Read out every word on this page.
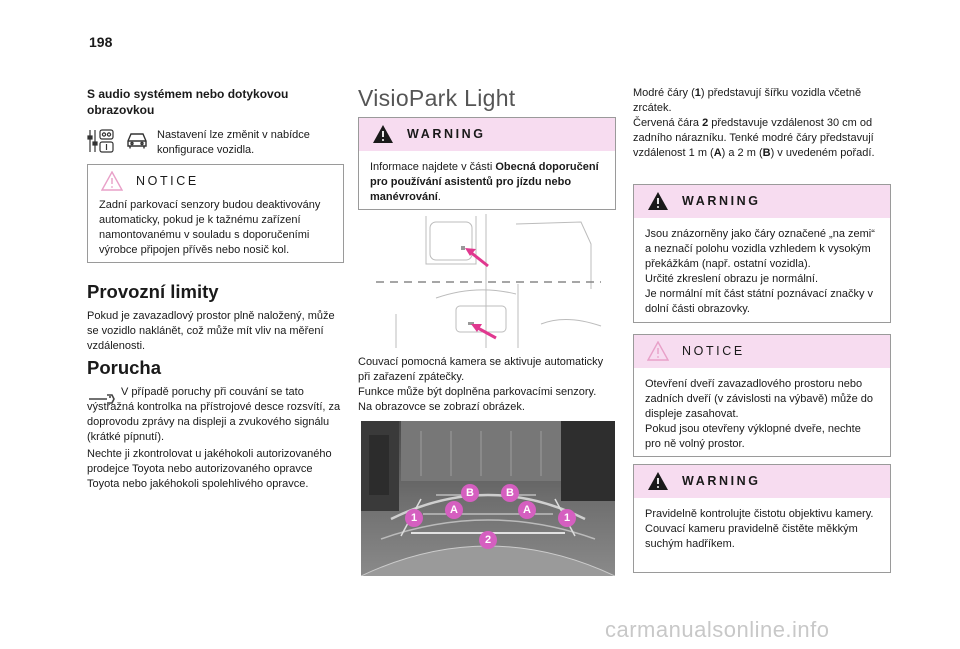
198
S audio systémem nebo dotykovou obrazovkou

Nastavení lze změnit v nabídce konfigurace vozidla.

NOTICE

Zadní parkovací senzory budou deaktivovány automaticky, pokud je k tažnému zařízení namontovanému v souladu s doporučeními výrobce připojen přívěs nebo nosič kol.

Provozní limity

Pokud je zavazadlový prostor plně naložený, může se vozidlo naklánět, což může mít vliv na měření vzdálenosti.

Porucha

V případě poruchy při couvání se tato výstražná kontrolka na přístrojové desce rozsvítí, za doprovodu zprávy na displeji a zvukového signálu (krátké pípnutí).

Nechte ji zkontrolovat u jakéhokoli autorizovaného prodejce Toyota nebo autorizovaného opravce Toyota nebo jakéhokoli spolehlivého opravce.

VisioPark Light
WARNING

Informace najdete v části Obecná doporučení pro používání asistentů pro jízdu nebo manévrování.

Couvací pomocná kamera se aktivuje automaticky při zařazení zpátečky.

Funkce může být doplněna parkovacími senzory.

Na obrazovce se zobrazí obrázek.

1
A
B	B
A
1
2

Modré čáry (1) představují šířku vozidla včetně zrcátek.

Červená čára 2 představuje vzdálenost 30 cm od zadního nárazníku. Tenké modré čáry představují vzdálenost 1 m (A) a 2 m (B) v uvedeném pořadí.

WARNING

Jsou znázorněny jako čáry označené „na zemi“ a neznačí polohu vozidla vzhledem k vysokým překážkám (např. ostatní vozidla).

Určité zkreslení obrazu je normální.

Je normální mít část státní poznávací značky v dolní části obrazovky.

NOTICE

Otevření dveří zavazadlového prostoru nebo zadních dveří (v závislosti na výbavě) může do displeje zasahovat.

Pokud jsou otevřeny výklopné dveře, nechte pro ně volný prostor.

WARNING

Pravidelně kontrolujte čistotu objektivu kamery.

Couvací kameru pravidelně čistěte měkkým suchým hadříkem.

carmanualsonline.info
